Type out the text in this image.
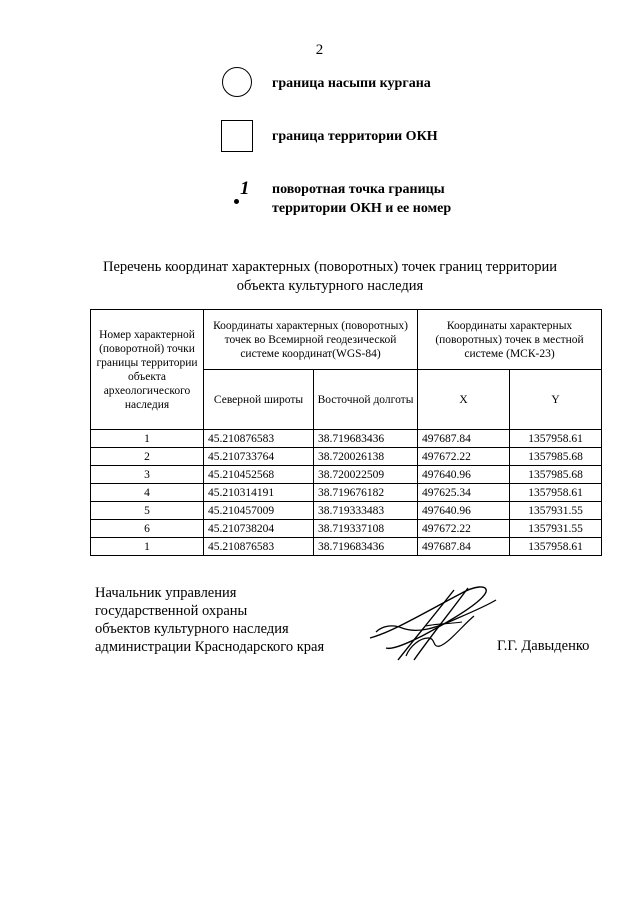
2
граница насыпи кургана
граница территории ОКН
1 поворотная точка границы территории ОКН и ее номер
Перечень координат характерных (поворотных) точек границ территории объекта культурного наследия
Номер характерной (поворотной) точки границы территории объекта археологического наследия	Координаты характерных (поворотных) точек во Всемирной геодезической системе координат(WGS-84)		Координаты характерных (поворотных) точек в местной системе (МСК-23)	
	Северной широты	Восточной долготы	X	Y
1	45.210876583	38.719683436	497687.84	1357958.61
2	45.210733764	38.720026138	497672.22	1357985.68
3	45.210452568	38.720022509	497640.96	1357985.68
4	45.210314191	38.719676182	497625.34	1357958.61
5	45.210457009	38.719333483	497640.96	1357931.55
6	45.210738204	38.719337108	497672.22	1357931.55
1	45.210876583	38.719683436	497687.84	1357958.61
Начальник управления
государственной охраны
объектов культурного наследия
администрации Краснодарского края	Г.Г. Давыденко
